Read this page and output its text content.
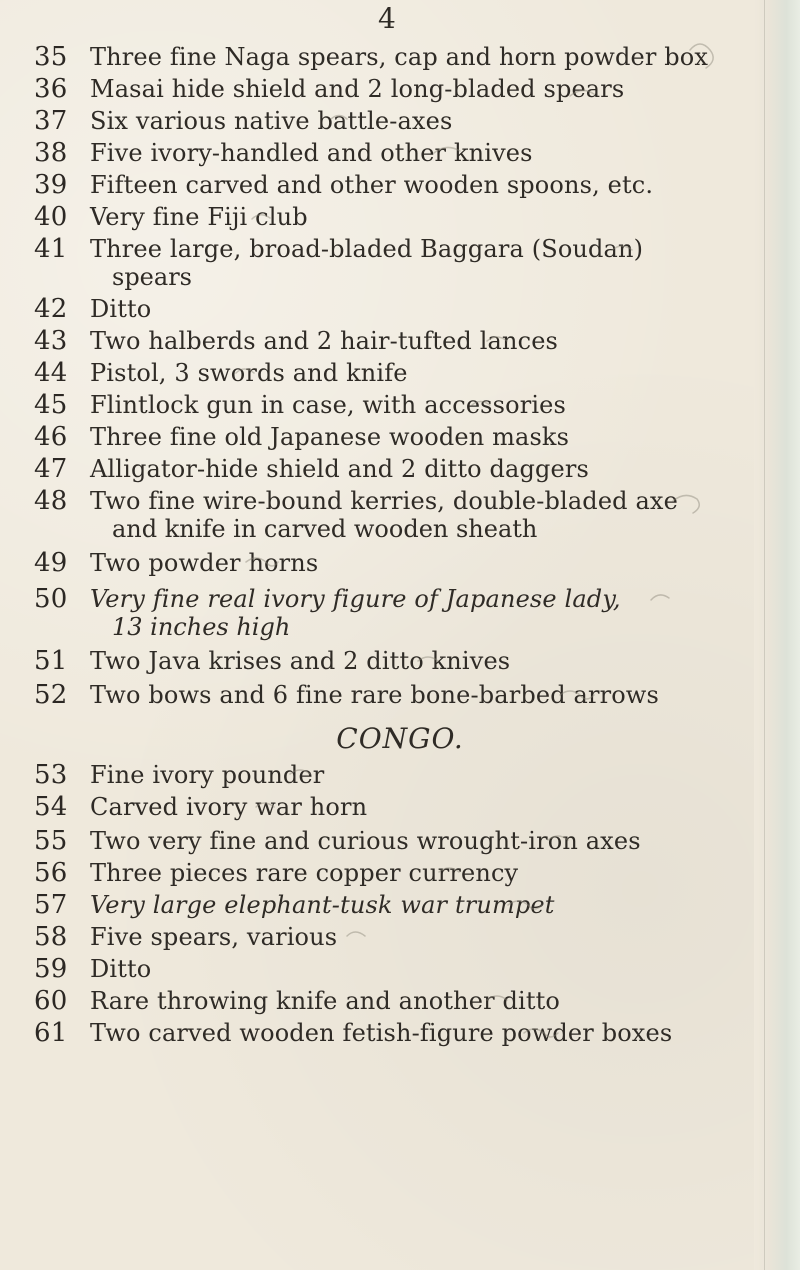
4
35 Three fine Naga spears, cap and horn powder box
36 Masai hide shield and 2 long-bladed spears
37 Six various native battle-axes
38 Five ivory-handled and other knives
39 Fifteen carved and other wooden spoons, etc.
40 Very fine Fiji club
41 Three large, broad-bladed Baggara (Soudan)
spears
42 Ditto
43 Two halberds and 2 hair-tufted lances
44 Pistol, 3 swords and knife
45 Flintlock gun in case, with accessories
46 Three fine old Japanese wooden masks
47 Alligator-hide shield and 2 ditto daggers
48 Two fine wire-bound kerries, double-bladed axe
and knife in carved wooden sheath
49 Two powder horns
50 Very fine real ivory figure of Japanese lady,
13 inches high
51 Two Java krises and 2 ditto knives
52 Two bows and 6 fine rare bone-barbed arrows
CONGO.
53 Fine ivory pounder
54 Carved ivory war horn
55 Two very fine and curious wrought-iron axes
56 Three pieces rare copper currency
57 Very large elephant-tusk war trumpet
58 Five spears, various
59 Ditto
60 Rare throwing knife and another ditto
61 Two carved wooden fetish-figure powder boxes
